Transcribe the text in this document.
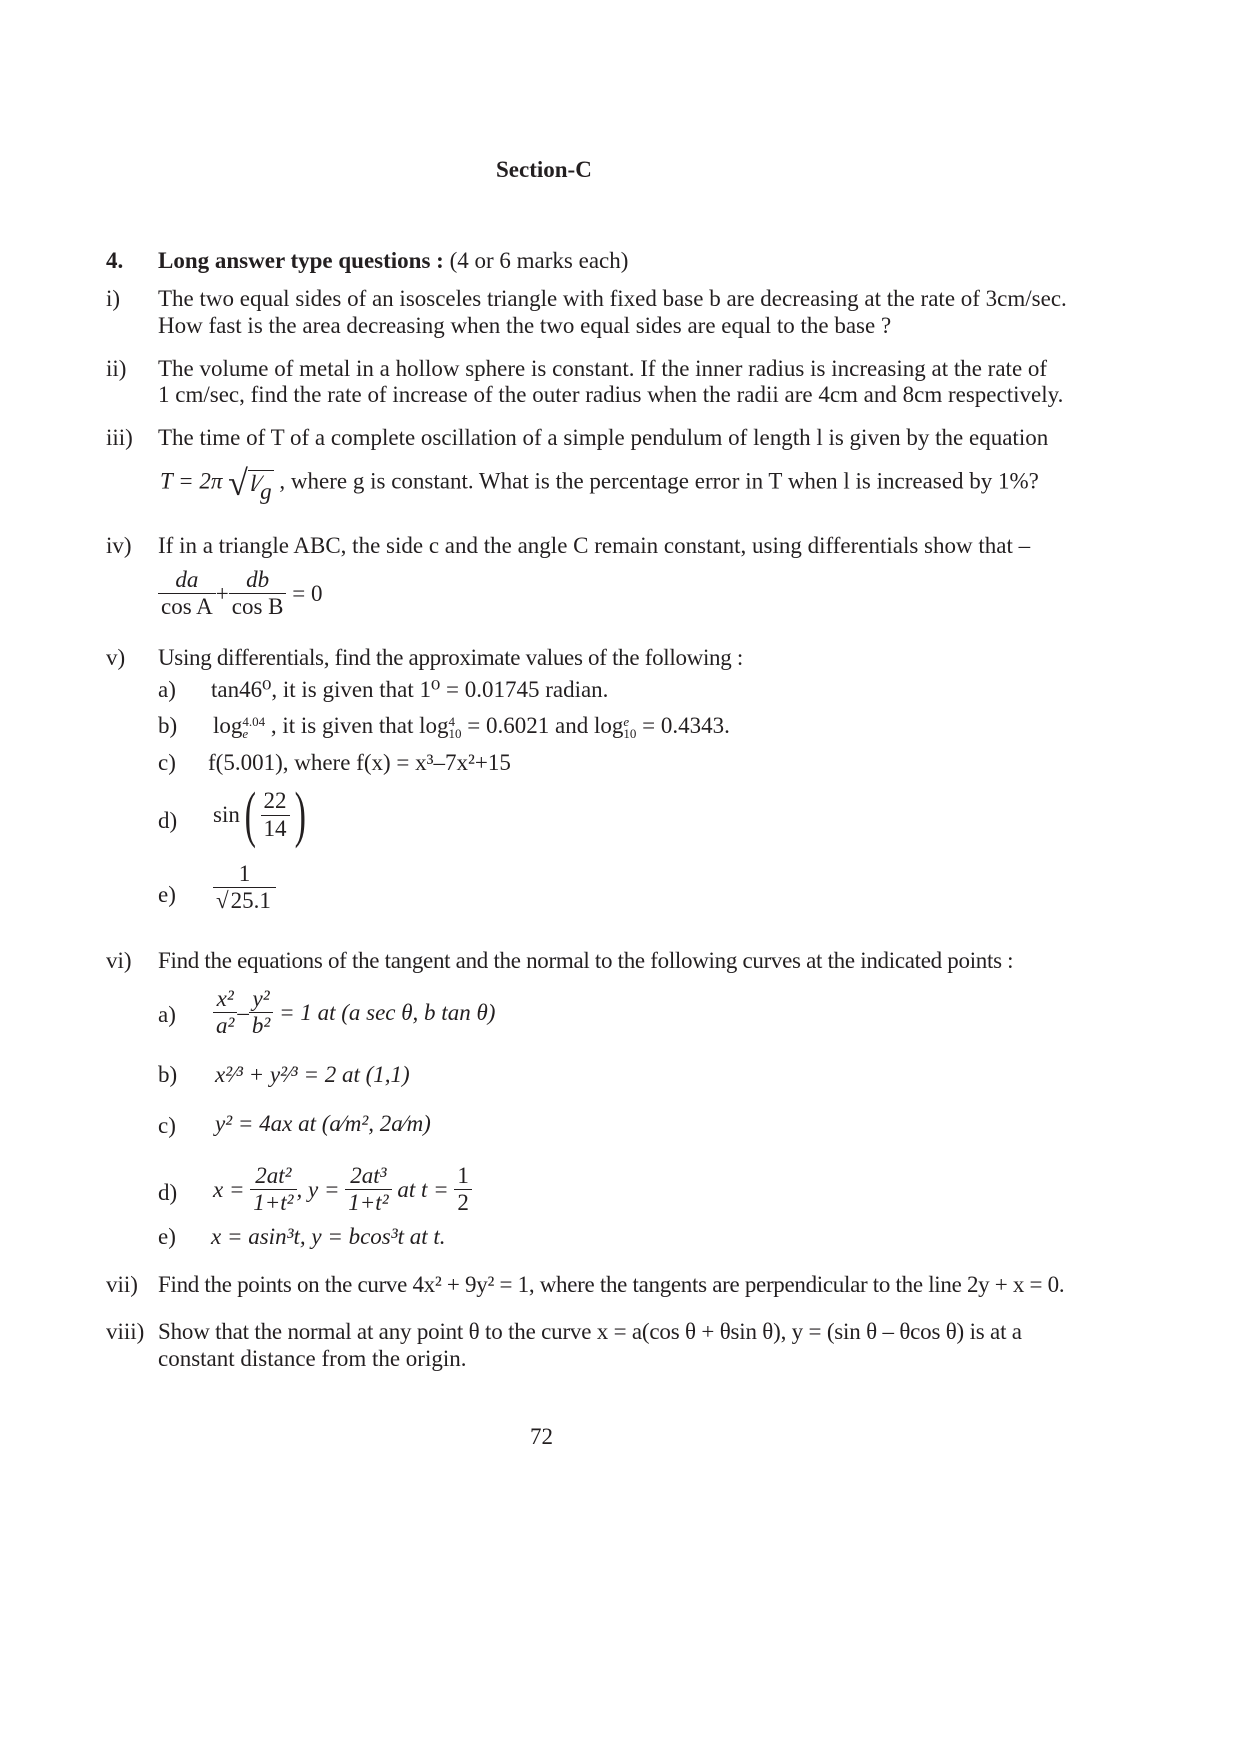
Section-C
4. Long answer type questions : (4 or 6 marks each)
i) The two equal sides of an isosceles triangle with fixed base b are decreasing at the rate of 3cm/sec.
How fast is the area decreasing when the two equal sides are equal to the base ?
ii) The volume of metal in a hollow sphere is constant. If the inner radius is increasing at the rate of
1 cm/sec, find the rate of increase of the outer radius when the radii are 4cm and 8cm respectively.
iii) The time of T of a complete oscillation of a simple pendulum of length l is given by the equation
T = 2π √l⁄g , where g is constant. What is the percentage error in T when l is increased by 1%?
iv) If in a triangle ABC, the side c and the angle C remain constant, using differentials show that –
$\frac{da}{\text{cos A}} + \frac{db}{\text{cos B}} = 0$
v) Using differentials, find the approximate values of the following :
a) tan46⁰, it is given that 1⁰ = 0.01745 radian.
b) log 4.04
e , it is given that log 4
10 = 0.6021 and log e
10 = 0.4343.
c) f(5.001), where f(x) = x³–7x²+15
d) $\sin( \frac{22}{14}$ )
$e) \frac{1}{√25.1}$
vi) Find the equations of the tangent and the normal to the following curves at the indicated points :
$a) \frac{\text{x²}}{\text{a²}} - \frac{\text{y²}}{\text{b²}} = 1$ at (a sec θ, b tan θ)
b) x²⁄³ + y²⁄³ = 2 at (1,1)
c) y² = 4ax at (a⁄m², 2a⁄m)
d) $x = \frac{\text{2at²}}{\text{1+t²}}$ , $y = \frac{\text{2at³}}{\text{1+t²}}$ at $t = \frac{1}{2}$
e) x = asin³t, y = bcos³t at t.
vii) Find the points on the curve 4x² + 9y² = 1, where the tangents are perpendicular to the line 2y + x = 0.
viii) Show that the normal at any point θ to the curve x = a(cos θ + θsin θ), y = (sin θ – θcos θ) is at a
constant distance from the origin.
72
